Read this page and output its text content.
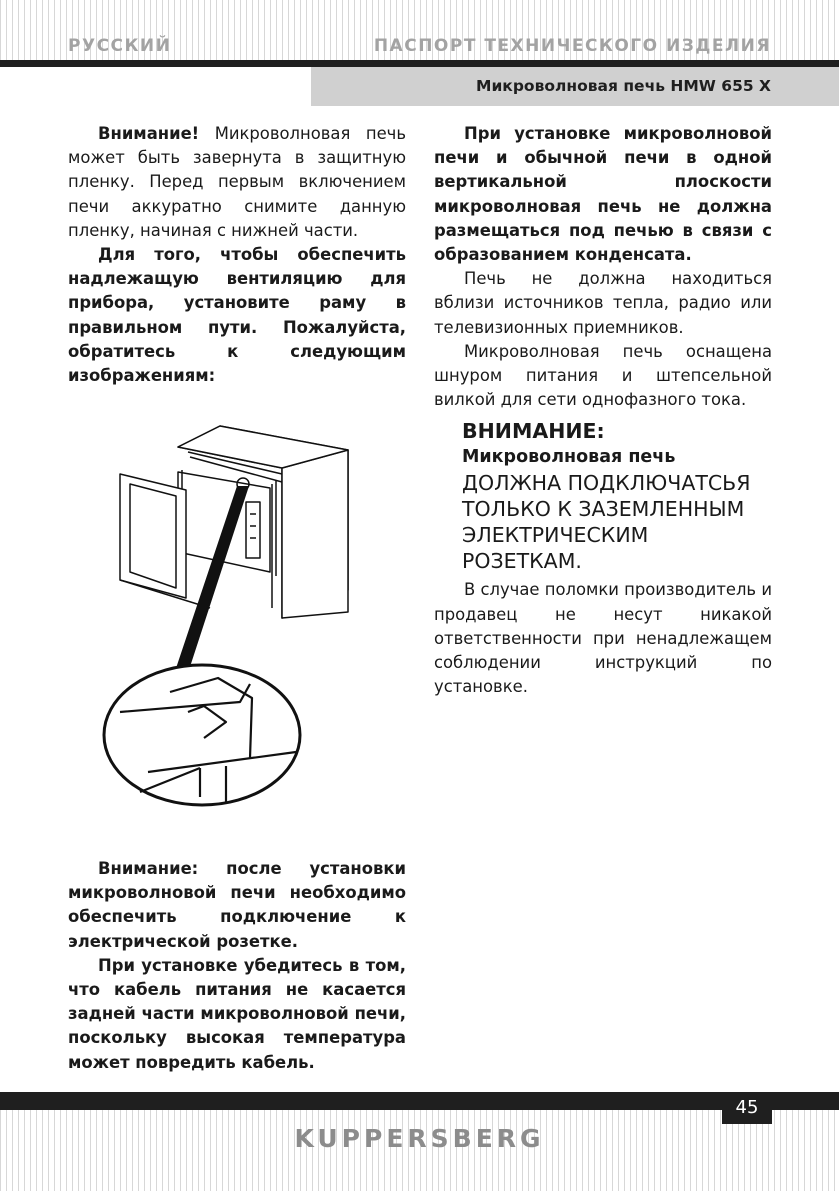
РУССКИЙ	ПАСПОРТ ТЕХНИЧЕСКОГО ИЗДЕЛИЯ
Микроволновая печь HMW 655 X

Внимание! Микроволновая печь может быть завернута в защитную пленку. Перед первым включением печи аккуратно снимите данную пленку, начиная с нижней части.

Для того, чтобы обеспечить надлежащую вентиляцию для прибора, установите раму в правильном пути. Пожалуйста, обратитесь к следующим изображениям:

Внимание: после установки микроволновой печи необходимо обеспечить подключение к электрической розетке.

При установке убедитесь в том, что кабель питания не касается задней части микроволновой печи, поскольку высокая температура может повредить кабель.

При установке микроволновой печи и обычной печи в одной вертикальной плоскости микроволновая печь не должна размещаться под печью в связи с образованием конденсата.

Печь не должна находиться вблизи источников тепла, радио или телевизионных приемников.

Микроволновая печь оснащена шнуром питания и штепсельной вилкой для сети однофазного тока.

ВНИМАНИЕ:
Микроволновая печь
ДОЛЖНА ПОДКЛЮЧАТСЬЯ
ТОЛЬКО К ЗАЗЕМЛЕННЫМ
ЭЛЕКТРИЧЕСКИМ РОЗЕТКАМ.

В случае поломки производитель и продавец не несут никакой ответственности при ненадлежащем соблюдении инструкций по установке.

45
KUPPERSBERG
